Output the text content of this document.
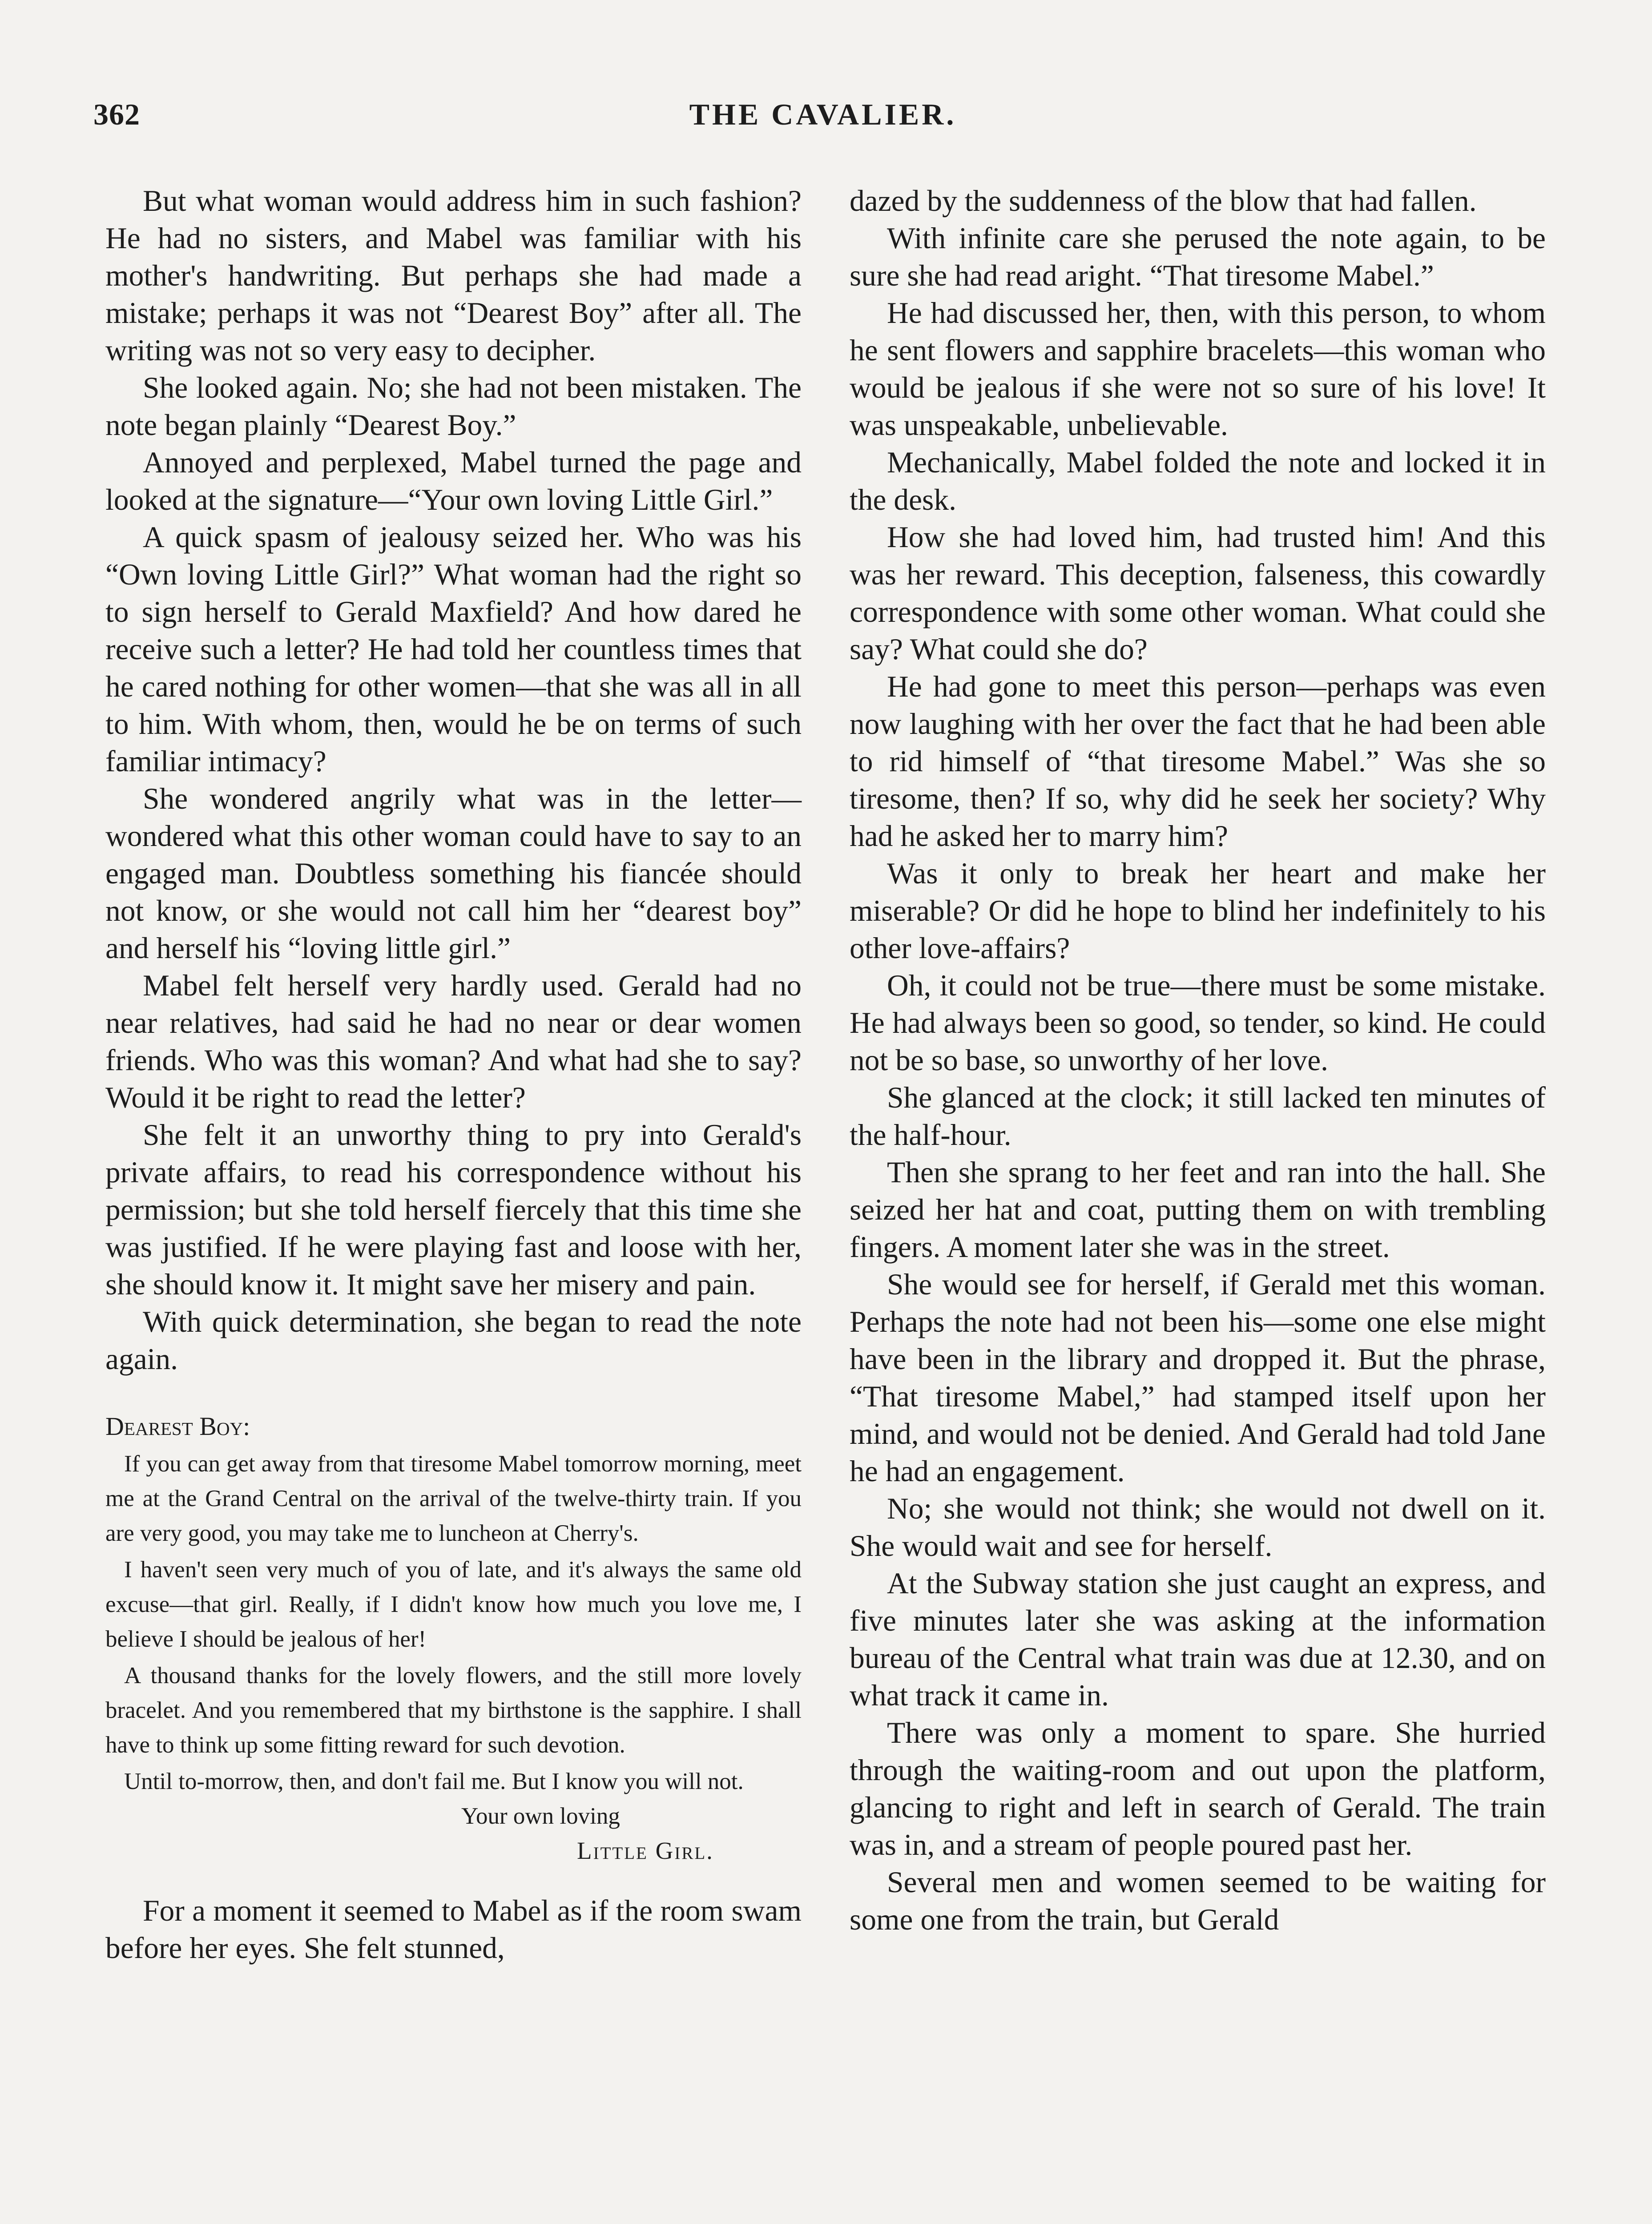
362	THE CAVALIER.

But what woman would address him in such fashion? He had no sisters, and Mabel was familiar with his mother's handwriting. But perhaps she had made a mistake; perhaps it was not “Dearest Boy” after all. The writing was not so very easy to decipher.

She looked again. No; she had not been mistaken. The note began plainly “Dearest Boy.”

Annoyed and perplexed, Mabel turned the page and looked at the signature—“Your own loving Little Girl.”

A quick spasm of jealousy seized her. Who was his “Own loving Little Girl?” What woman had the right so to sign herself to Gerald Maxfield? And how dared he receive such a letter? He had told her countless times that he cared nothing for other women—that she was all in all to him. With whom, then, would he be on terms of such familiar intimacy?

She wondered angrily what was in the letter—wondered what this other woman could have to say to an engaged man. Doubtless something his fiancée should not know, or she would not call him her “dearest boy” and herself his “loving little girl.”

Mabel felt herself very hardly used. Gerald had no near relatives, had said he had no near or dear women friends. Who was this woman? And what had she to say? Would it be right to read the letter?

She felt it an unworthy thing to pry into Gerald's private affairs, to read his correspondence without his permission; but she told herself fiercely that this time she was justified. If he were playing fast and loose with her, she should know it. It might save her misery and pain.

With quick determination, she began to read the note again.

Dearest Boy:

If you can get away from that tiresome Mabel tomorrow morning, meet me at the Grand Central on the arrival of the twelve-thirty train. If you are very good, you may take me to luncheon at Cherry's.

I haven't seen very much of you of late, and it's always the same old excuse—that girl. Really, if I didn't know how much you love me, I believe I should be jealous of her!

A thousand thanks for the lovely flowers, and the still more lovely bracelet. And you remembered that my birthstone is the sapphire. I shall have to think up some fitting reward for such devotion.

Until to-morrow, then, and don't fail me. But I know you will not.

Your own loving
Little Girl.

For a moment it seemed to Mabel as if the room swam before her eyes. She felt stunned,

dazed by the suddenness of the blow that had fallen.

With infinite care she perused the note again, to be sure she had read aright. “That tiresome Mabel.”

He had discussed her, then, with this person, to whom he sent flowers and sapphire bracelets—this woman who would be jealous if she were not so sure of his love! It was unspeakable, unbelievable.

Mechanically, Mabel folded the note and locked it in the desk.

How she had loved him, had trusted him! And this was her reward. This deception, falseness, this cowardly correspondence with some other woman. What could she say? What could she do?

He had gone to meet this person—perhaps was even now laughing with her over the fact that he had been able to rid himself of “that tiresome Mabel.” Was she so tiresome, then? If so, why did he seek her society? Why had he asked her to marry him?

Was it only to break her heart and make her miserable? Or did he hope to blind her indefinitely to his other love-affairs?

Oh, it could not be true—there must be some mistake. He had always been so good, so tender, so kind. He could not be so base, so unworthy of her love.

She glanced at the clock; it still lacked ten minutes of the half-hour.

Then she sprang to her feet and ran into the hall. She seized her hat and coat, putting them on with trembling fingers. A moment later she was in the street.

She would see for herself, if Gerald met this woman. Perhaps the note had not been his—some one else might have been in the library and dropped it. But the phrase, “That tiresome Mabel,” had stamped itself upon her mind, and would not be denied. And Gerald had told Jane he had an engagement.

No; she would not think; she would not dwell on it. She would wait and see for herself.

At the Subway station she just caught an express, and five minutes later she was asking at the information bureau of the Central what train was due at 12.30, and on what track it came in.

There was only a moment to spare. She hurried through the waiting-room and out upon the platform, glancing to right and left in search of Gerald. The train was in, and a stream of people poured past her.

Several men and women seemed to be waiting for some one from the train, but Gerald
